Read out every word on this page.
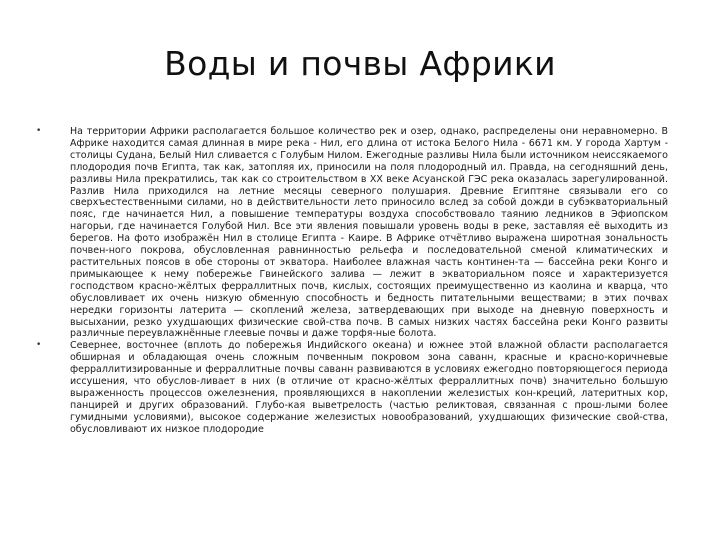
Воды и почвы Африки
•	На территории Африки располагается большое количество рек и озер, однако, распределены они неравномерно. В Африке находится самая длинная в мире река - Нил, его длина от истока Белого Нила - 6671 км. У города Хартум - столицы Судана, Белый Нил сливается с Голубым Нилом. Ежегодные разливы Нила были источником неиссякаемого плодородия почв Египта, так как, затопляя их, приносили на поля плодородный ил. Правда, на сегодняшний день, разливы Нила прекратились, так как со строительством в XX веке Асуанской ГЭС река оказалась зарегулированной. Разлив Нила приходился на летние месяцы северного полушария. Древние Египтяне связывали его со сверхъестественными силами, но в действительности лето приносило вслед за собой дожди в субэкваториальный пояс, где начинается Нил, а повышение температуры воздуха способствовало таянию ледников в Эфиопском нагорьи, где начинается Голубой Нил. Все эти явления повышали уровень воды в реке, заставляя её выходить из берегов. На фото изображён Нил в столице Египта - Каире. В Африке отчётливо выражена широтная зональность почвен-ного покрова, обусловленная равнинностью рельефа и последовательной сменой климатических и растительных поясов в обе стороны от экватора. Наиболее влажная часть континен-та — бассейна реки Конго и примыкающее к нему побережье Гвинейского залива — лежит в экваториальном поясе и характеризуется господством красно-жёлтых ферраллитных почв, кислых, состоящих преимущественно из каолина и кварца, что обусловливает их очень низкую обменную способность и бедность питательными веществами; в этих почвах нередки горизонты латерита — скоплений железа, затвердевающих при выходе на дневную поверхность и высыхании, резко ухудшающих физические свой-ства почв. В самых низких частях бассейна реки Конго развиты различные переувлажнённые глеевые почвы и даже торфя-ные болота.
•	Севернее, восточнее (вплоть до побережья Индийского океана) и южнее этой влажной области располагается обширная и обладающая очень сложным почвенным покровом зона саванн, красные и красно-коричневые ферраллитизированные и ферраллитные почвы саванн развиваются в условиях ежегодно повторяющегося периода иссушения, что обуслов-ливает в них (в отличие от красно-жёлтых ферраллитных почв) значительно большую выраженность процессов ожелезнения, проявляющихся в накоплении железистых кон-креций, латеритных кор, панцирей и других образований. Глубо-кая выветрелость (частью реликтовая, связанная с прош-лыми более гумидными условиями), высокое содержание железистых новообразований, ухудшающих физические свой-ства, обусловливают их низкое плодородие
